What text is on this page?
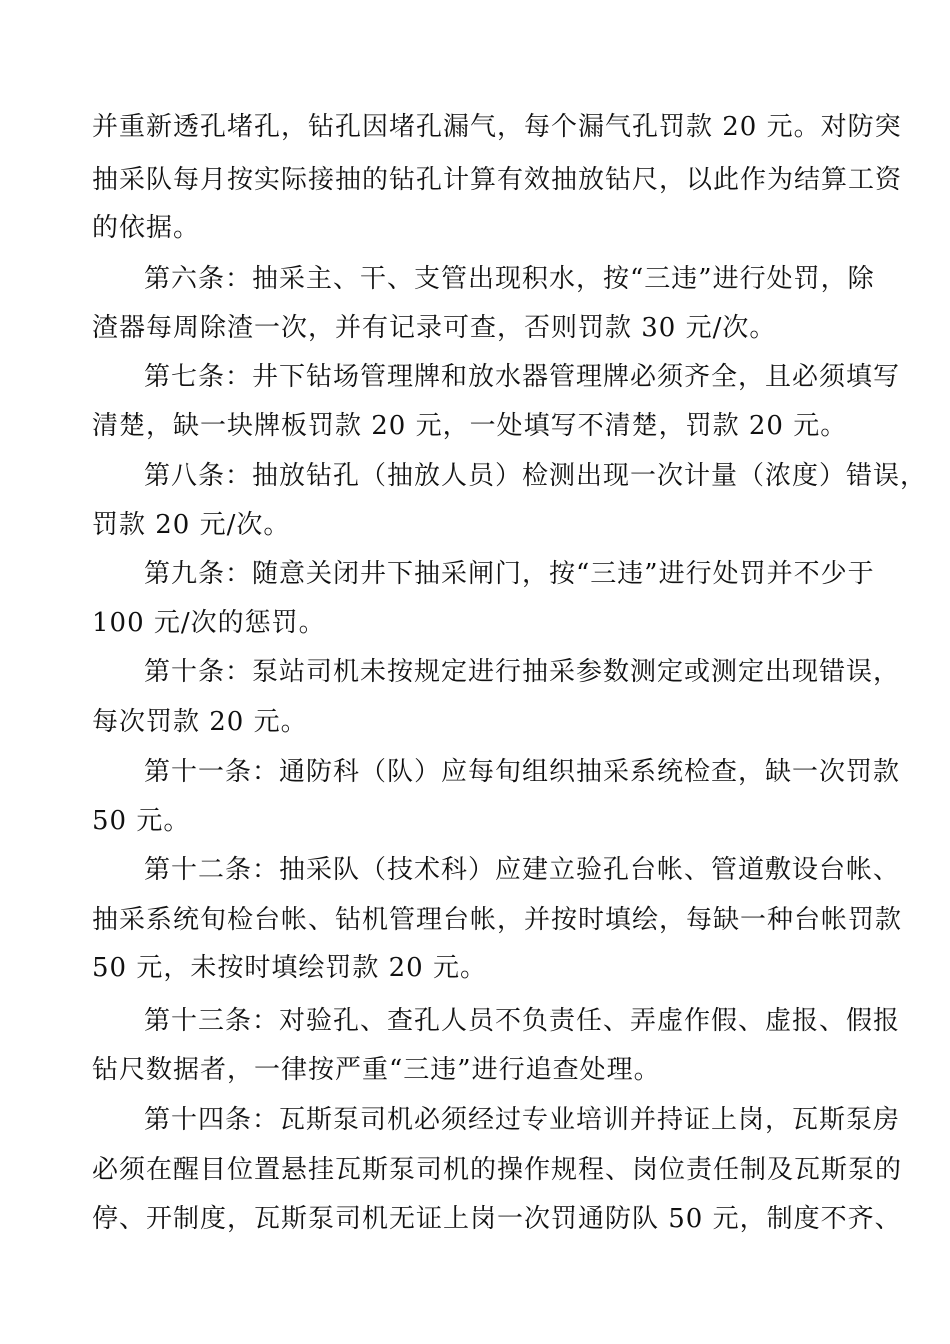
并重新透孔堵孔，钻孔因堵孔漏气，每个漏气孔罚款 20 元。对防突
抽采队每月按实际接抽的钻孔计算有效抽放钻尺，以此作为结算工资
的依据。
第六条：抽采主、干、支管出现积水，按“三违”进行处罚，除
渣器每周除渣一次，并有记录可查，否则罚款 30 元/次。
第七条：井下钻场管理牌和放水器管理牌必须齐全，且必须填写
清楚，缺一块牌板罚款 20 元，一处填写不清楚，罚款 20 元。
第八条：抽放钻孔（抽放人员）检测出现一次计量（浓度）错误，
罚款 20 元/次。
第九条：随意关闭井下抽采闸门，按“三违”进行处罚并不少于
100 元/次的惩罚。
第十条：泵站司机未按规定进行抽采参数测定或测定出现错误，
每次罚款 20 元。
第十一条：通防科（队）应每旬组织抽采系统检查，缺一次罚款
50 元。
第十二条：抽采队（技术科）应建立验孔台帐、管道敷设台帐、
抽采系统旬检台帐、钻机管理台帐，并按时填绘，每缺一种台帐罚款
50 元，未按时填绘罚款 20 元。
第十三条：对验孔、查孔人员不负责任、弄虚作假、虚报、假报
钻尺数据者，一律按严重“三违”进行追查处理。
第十四条：瓦斯泵司机必须经过专业培训并持证上岗，瓦斯泵房
必须在醒目位置悬挂瓦斯泵司机的操作规程、岗位责任制及瓦斯泵的
停、开制度，瓦斯泵司机无证上岗一次罚通防队 50 元，制度不齐、
